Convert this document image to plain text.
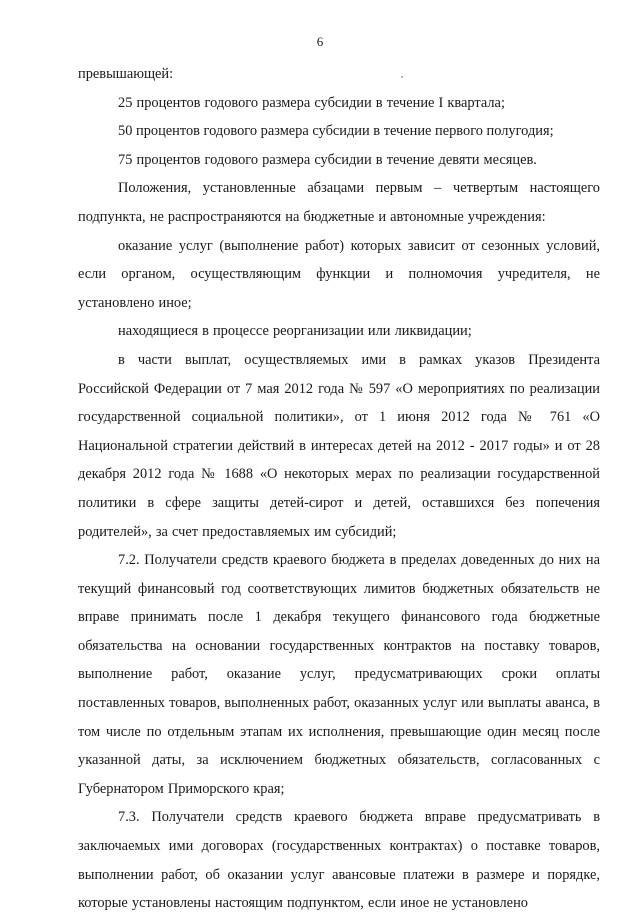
6

превышающей:

25 процентов годового размера субсидии в течение I квартала;

50 процентов годового размера субсидии в течение первого полугодия;

75 процентов годового размера субсидии в течение девяти месяцев.

Положения, установленные абзацами первым – четвертым настоящего подпункта, не распространяются на бюджетные и автономные учреждения:

оказание услуг (выполнение работ) которых зависит от сезонных условий, если органом, осуществляющим функции и полномочия учредителя, не установлено иное;

находящиеся в процессе реорганизации или ликвидации;

в части выплат, осуществляемых ими в рамках указов Президента Российской Федерации от 7 мая 2012 года № 597 «О мероприятиях по реализации государственной социальной политики», от 1 июня 2012 года № 761 «О Национальной стратегии действий в интересах детей на 2012 - 2017 годы» и от 28 декабря 2012 года № 1688 «О некоторых мерах по реализации государственной политики в сфере защиты детей-сирот и детей, оставшихся без попечения родителей», за счет предоставляемых им субсидий;

7.2. Получатели средств краевого бюджета в пределах доведенных до них на текущий финансовый год соответствующих лимитов бюджетных обязательств не вправе принимать после 1 декабря текущего финансового года бюджетные обязательства на основании государственных контрактов на поставку товаров, выполнение работ, оказание услуг, предусматривающих сроки оплаты поставленных товаров, выполненных работ, оказанных услуг или выплаты аванса, в том числе по отдельным этапам их исполнения, превышающие один месяц после указанной даты, за исключением бюджетных обязательств, согласованных с Губернатором Приморского края;

7.3. Получатели средств краевого бюджета вправе предусматривать в заключаемых ими договорах (государственных контрактах) о поставке товаров, выполнении работ, об оказании услуг авансовые платежи в размере и порядке, которые установлены настоящим подпунктом, если иное не установлено
